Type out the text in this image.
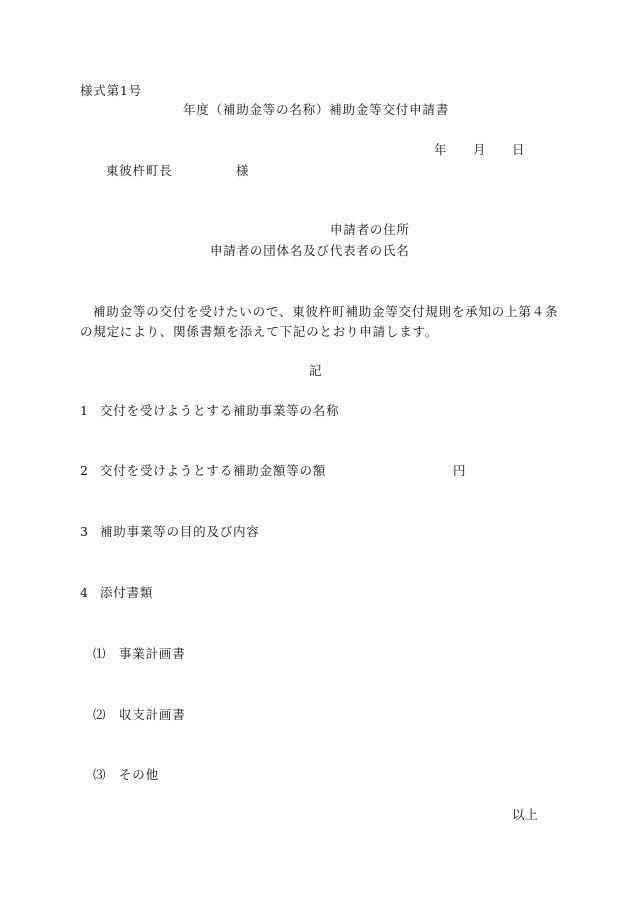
様式第1号
年度（補助金等の名称）補助金等交付申請書
年 月 日
東彼杵町長	様
申請者の住所
申請者の団体名及び代表者の氏名
補助金等の交付を受けたいので、東彼杵町補助金等交付規則を承知の上第４条
の規定により、関係書類を添えて下記のとおり申請します。
記
1 交付を受けようとする補助事業等の名称
2 交付を受けようとする補助金額等の額	円
3 補助事業等の目的及び内容
4 添付書類
⑴ 事業計画書
⑵ 収支計画書
⑶ その他
以上
